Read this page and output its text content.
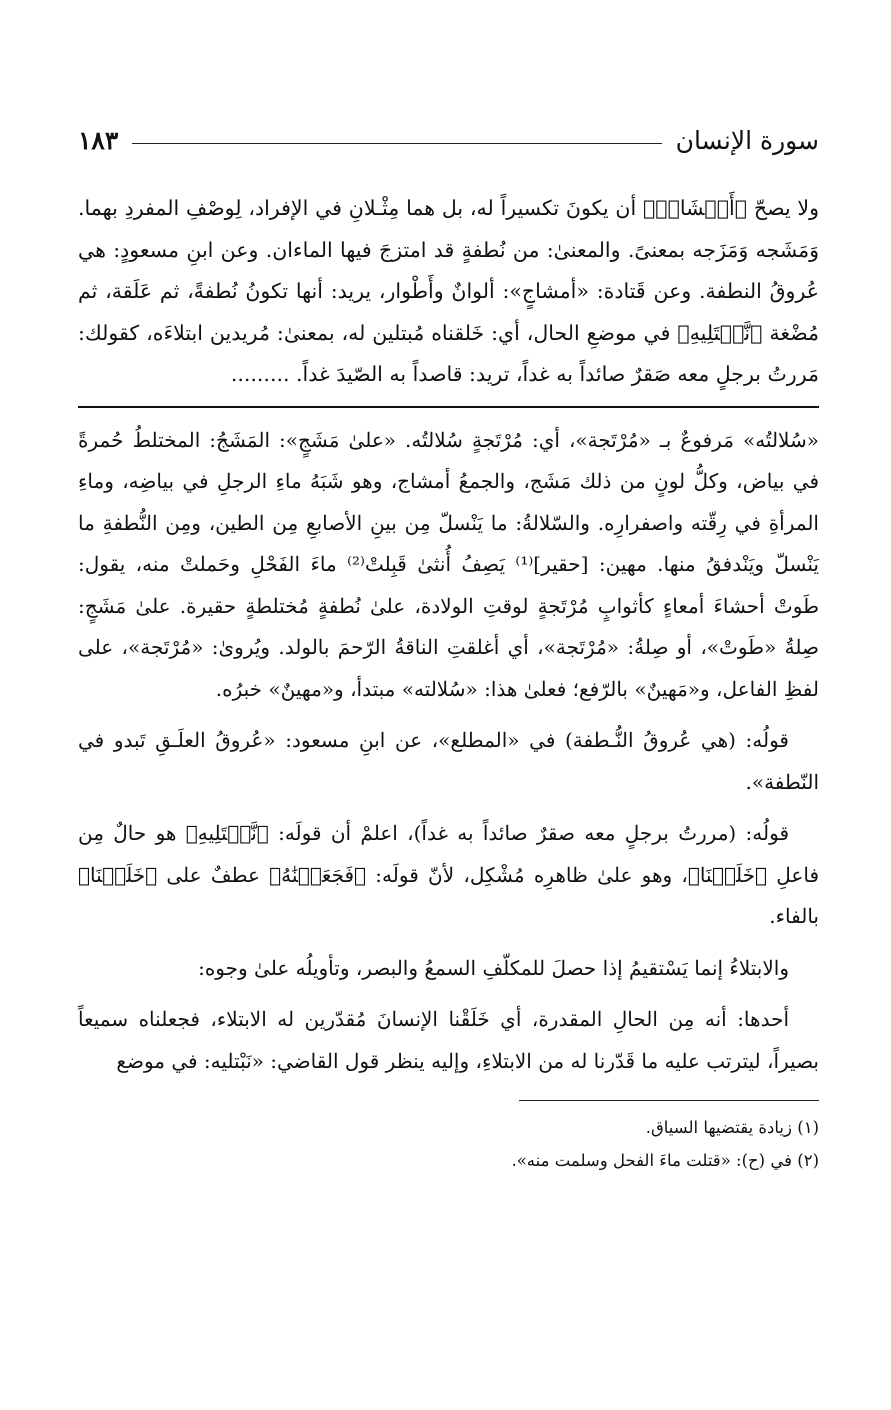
سورة الإنسان
١٨٣

ولا يصحّ ﴿أَمۡشَاجٖ﴾ أن يكونَ تكسيراً له، بل هما مِثْـلانِ في الإفراد، لِوصْفِ المفردِ بهما. وَمَشَجه وَمَزَجه بمعنىً. والمعنىٰ: من نُطفةٍ قد امتزجَ فيها الماءان. وعن ابنِ مسعودٍ: هي عُروقُ النطفة. وعن قَتادة: «أمشاجٍ»: ألوانٌ وأَطْوار، يريد: أنها تكونُ نُطفةً، ثم عَلَقة، ثم مُضْغة ﴿نَّبۡتَلِيهِ﴾ في موضعِ الحال، أي: خَلقناه مُبتلين له، بمعنىٰ: مُريدين ابتلاءَه، كقولك: مَررتُ برجلٍ معه صَقرٌ صائداً به غداً، تريد: قاصداً به الصّيدَ غداً. .........

«سُلالتُه» مَرفوعٌ بـ «مُرْتَجة»، أي: مُرْتَجةٍ سُلالتُه. «علىٰ مَشَجٍ»: المَشَجُ: المختلطُ حُمرةً في بياض، وكلُّ لونٍ من ذلك مَشَج، والجمعُ أمشاج، وهو شَبَهُ ماءِ الرجلِ في بياضِه، وماءِ المرأةِ في رِقّته واصفرارِه. والسّلالةُ: ما يَنْسلّ مِن بينِ الأصابعِ مِن الطين، ومِن النُّطفةِ ما يَنْسلّ ويَنْدفقُ منها. مهين: [حقير]⁽¹⁾ يَصِفُ أُنثىٰ قَبِلتْ⁽²⁾ ماءَ الفَحْلِ وحَملتْ منه، يقول: طَوتْ أحشاءَ أمعاءٍ كأثوابٍ مُرْتَجةٍ لوقتِ الولادة، علىٰ نُطفةٍ مُختلطةٍ حقيرة. علىٰ مَشَجٍ: صِلةُ «طَوتْ»، أو صِلةُ: «مُرْتَجة»، أي أغلقتِ الناقةُ الرّحمَ بالولد. ويُروىٰ: «مُرْتَجة»، على لفظِ الفاعل، و«مَهينٌ» بالرّفع؛ فعلىٰ هذا: «سُلالته» مبتدأ، و«مهينٌ» خبرُه.

قولُه: (هي عُروقُ النُّـطفة) في «المطلع»، عن ابنِ مسعود: «عُروقُ العلَـقِ تَبدو في النّطفة».

قولُه: (مررتُ برجلٍ معه صقرٌ صائداً به غداً)، اعلمْ أن قولَه: ﴿نَّبۡتَلِيهِ﴾ هو حالٌ مِن فاعلِ ﴿خَلَقۡنَا﴾، وهو علىٰ ظاهرِه مُشْكِل، لأنّ قولَه: ﴿فَجَعَلۡنَٰهُ﴾ عطفٌ على ﴿خَلَقۡنَا﴾ بالفاء.

والابتلاءُ إنما يَسْتقيمُ إذا حصلَ للمكلّفِ السمعُ والبصر، وتأويلُه علىٰ وجوه:

أحدها: أنه مِن الحالِ المقدرة، أي خَلَقْنا الإنسانَ مُقدّرين له الابتلاء، فجعلناه سميعاً بصيراً، ليترتب عليه ما قَدّرنا له من الابتلاءِ، وإليه ينظر قول القاضي: «نَبْتليه: في موضع

(١) زيادة يقتضيها السياق.

(٢) في (ح): «قتلت ماءَ الفحل وسلمت منه».
